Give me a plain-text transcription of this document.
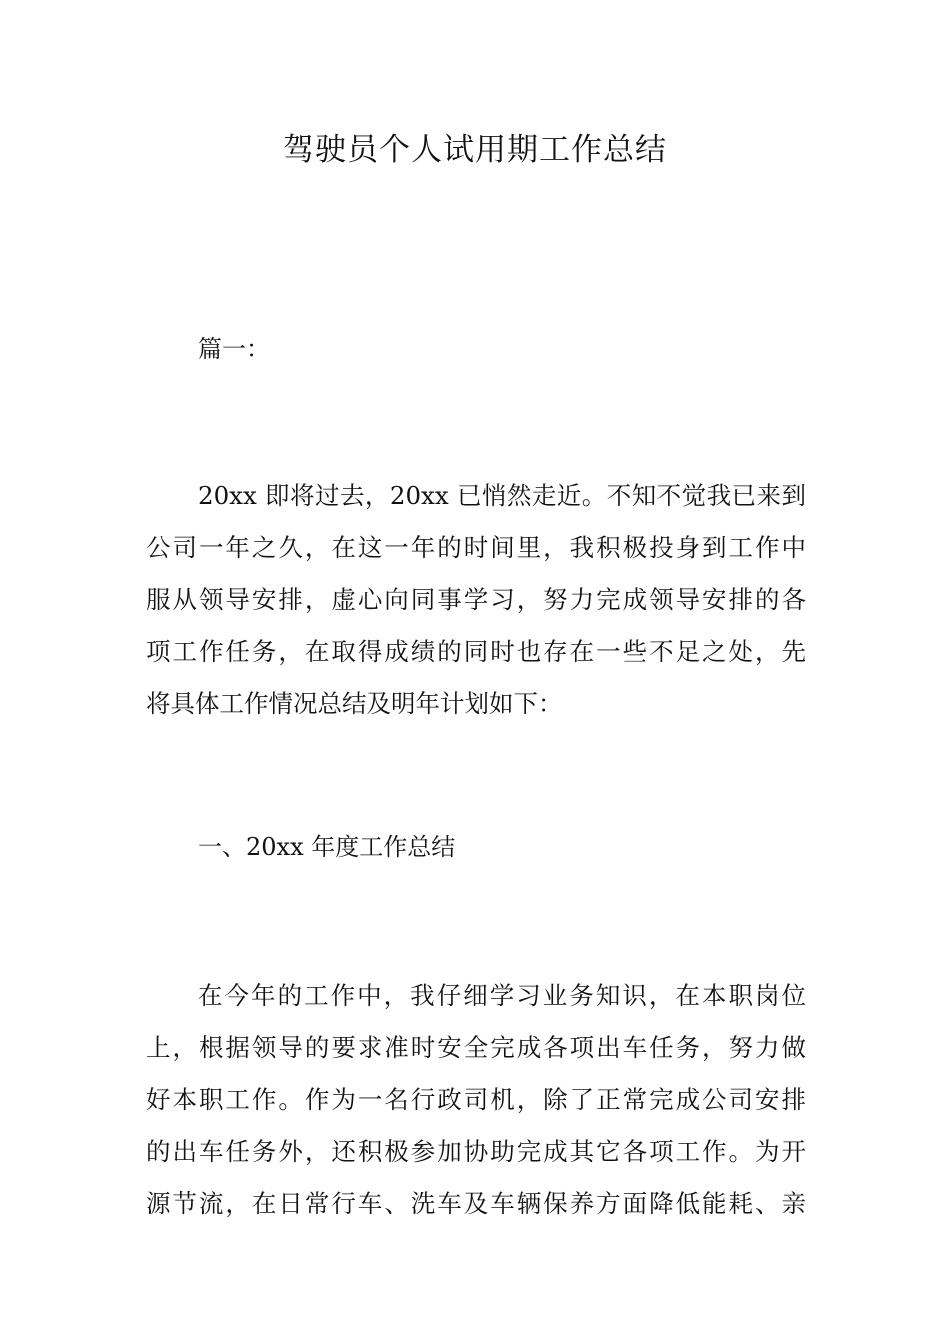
驾驶员个人试用期工作总结
篇一：
20xx 即将过去，20xx 已悄然走近。不知不觉我已来到
公司一年之久，在这一年的时间里，我积极投身到工作中
服从领导安排，虚心向同事学习，努力完成领导安排的各
项工作任务，在取得成绩的同时也存在一些不足之处，先
将具体工作情况总结及明年计划如下：
一、20xx 年度工作总结
在今年的工作中，我仔细学习业务知识，在本职岗位
上，根据领导的要求准时安全完成各项出车任务，努力做
好本职工作。作为一名行政司机，除了正常完成公司安排
的出车任务外，还积极参加协助完成其它各项工作。为开
源节流，在日常行车、洗车及车辆保养方面降低能耗、亲
